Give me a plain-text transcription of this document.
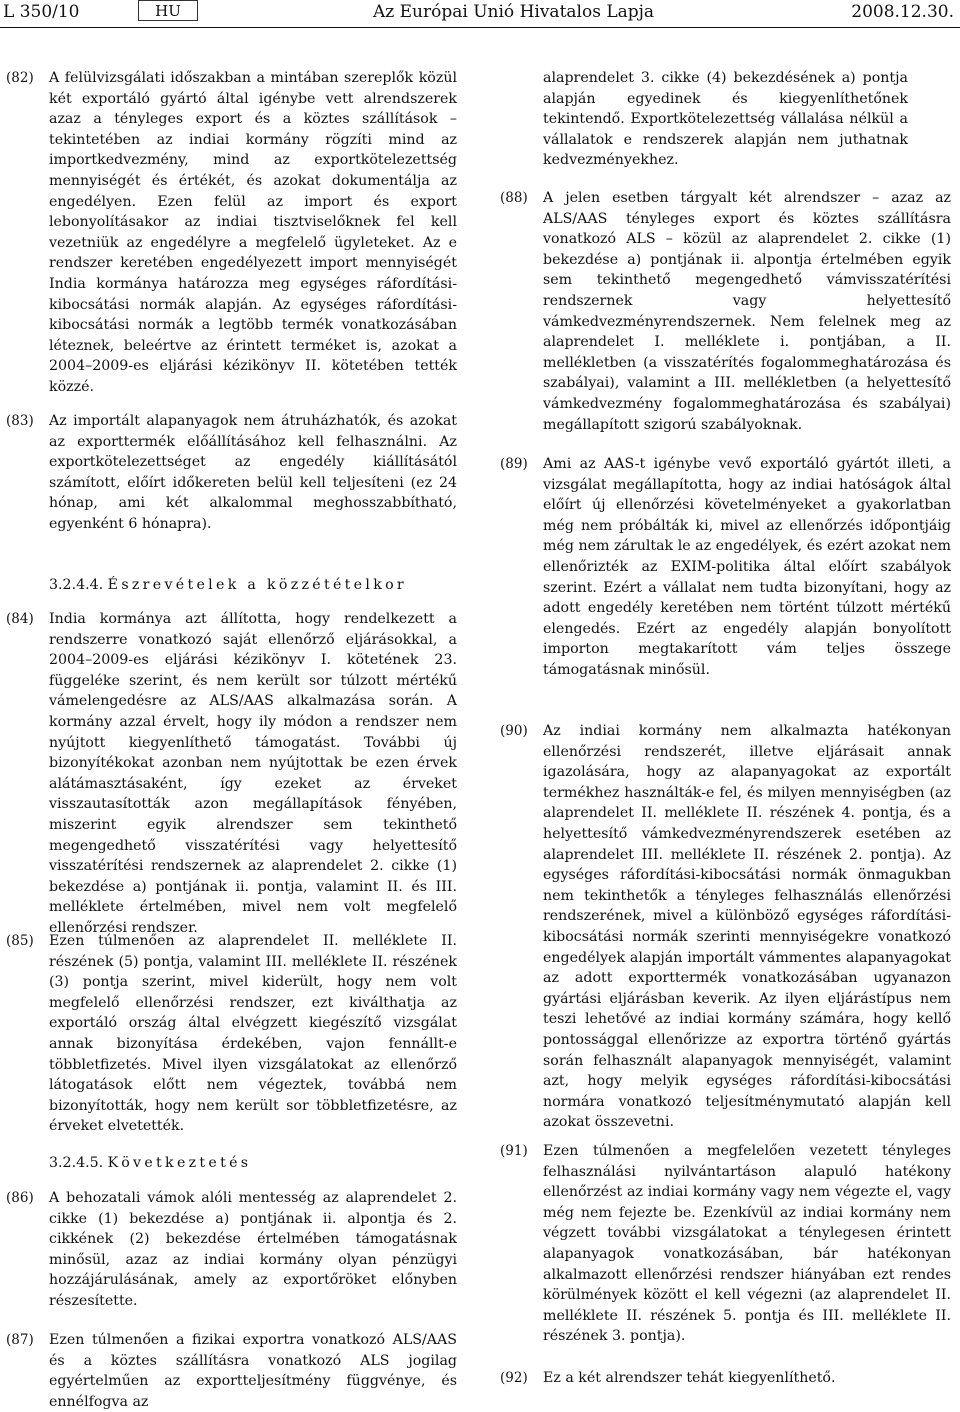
L 350/10	HU	Az Európai Unió Hivatalos Lapja	2008.12.30.
(82) A felülvizsgálati időszakban a mintában szereplők közül két exportáló gyártó által igénybe vett alrendszerek azaz a tényleges export és a köztes szállítások – tekintetében az indiai kormány rögzíti mind az importkedvezmény, mind az exportkötelezettség mennyiségét és értékét, és azokat dokumentálja az engedélyen. Ezen felül az import és export lebonyolításakor az indiai tisztviselőknek fel kell vezetniük az engedélyre a megfelelő ügyleteket. Az e rendszer keretében engedélyezett import mennyiségét India kormánya határozza meg egységes ráfordítási-kibocsátási normák alapján. Az egységes ráfordítási-kibocsátási normák a legtöbb termék vonatkozásában léteznek, beleértve az érintett terméket is, azokat a 2004–2009-es eljárási kézikönyv II. kötetében tették közzé.
(83) Az importált alapanyagok nem átruházhatók, és azokat az exporttermék előállításához kell felhasználni. Az exportkötelezettséget az engedély kiállításától számított, előírt időkereten belül kell teljesíteni (ez 24 hónap, ami két alkalommal meghosszabbítható, egyenként 6 hónapra).
3.2.4.4. Észrevételek a közzétételkor
(84) India kormánya azt állította, hogy rendelkezett a rendszerre vonatkozó saját ellenőrző eljárásokkal, a 2004–2009-es eljárási kézikönyv I. kötetének 23. függeléke szerint, és nem került sor túlzott mértékű vámelengedésre az ALS/AAS alkalmazása során. A kormány azzal érvelt, hogy ily módon a rendszer nem nyújtott kiegyenlíthető támogatást. További új bizonyítékokat azonban nem nyújtottak be ezen érvek alátámasztásaként, így ezeket az érveket visszautasították azon megállapítások fényében, miszerint egyik alrendszer sem tekinthető megengedhető visszatérítési vagy helyettesítő visszatérítési rendszernek az alaprendelet 2. cikke (1) bekezdése a) pontjának ii. pontja, valamint II. és III. melléklete értelmében, mivel nem volt megfelelő ellenőrzési rendszer.
(85) Ezen túlmenően az alaprendelet II. melléklete II. részének (5) pontja, valamint III. melléklete II. részének (3) pontja szerint, mivel kiderült, hogy nem volt megfelelő ellenőrzési rendszer, ezt kiválthatja az exportáló ország által elvégzett kiegészítő vizsgálat annak bizonyítása érdekében, vajon fennállt-e többletfizetés. Mivel ilyen vizsgálatokat az ellenőrző látogatások előtt nem végeztek, továbbá nem bizonyították, hogy nem került sor többletfizetésre, az érveket elvetették.
3.2.4.5. Következtetés
(86) A behozatali vámok alóli mentesség az alaprendelet 2. cikke (1) bekezdése a) pontjának ii. alpontja és 2. cikkének (2) bekezdése értelmében támogatásnak minősül, azaz az indiai kormány olyan pénzügyi hozzájárulásának, amely az exportőröket előnyben részesítette.
(87) Ezen túlmenően a fizikai exportra vonatkozó ALS/AAS és a köztes szállításra vonatkozó ALS jogilag egyértelműen az exportteljesítmény függvénye, és ennélfogva az
alaprendelet 3. cikke (4) bekezdésének a) pontja alapján egyedinek és kiegyenlíthetőnek tekintendő. Exportkötelezettség vállalása nélkül a vállalatok e rendszerek alapján nem juthatnak kedvezményekhez.
(88) A jelen esetben tárgyalt két alrendszer – azaz az ALS/AAS tényleges export és köztes szállításra vonatkozó ALS – közül az alaprendelet 2. cikke (1) bekezdése a) pontjának ii. alpontja értelmében egyik sem tekinthető megengedhető vámvisszatérítési rendszernek vagy helyettesítő vámkedvezményrendszernek. Nem felelnek meg az alaprendelet I. melléklete i. pontjában, a II. mellékletben (a visszatérítés fogalommeghatározása és szabályai), valamint a III. mellékletben (a helyettesítő vámkedvezmény fogalommeghatározása és szabályai) megállapított szigorú szabályoknak.
(89) Ami az AAS-t igénybe vevő exportáló gyártót illeti, a vizsgálat megállapította, hogy az indiai hatóságok által előírt új ellenőrzési követelményeket a gyakorlatban még nem próbálták ki, mivel az ellenőrzés időpontjáig még nem zárultak le az engedélyek, és ezért azokat nem ellenőrizték az EXIM-politika által előírt szabályok szerint. Ezért a vállalat nem tudta bizonyítani, hogy az adott engedély keretében nem történt túlzott mértékű elengedés. Ezért az engedély alapján bonyolított importon megtakarított vám teljes összege támogatásnak minősül.
(90) Az indiai kormány nem alkalmazta hatékonyan ellenőrzési rendszerét, illetve eljárásait annak igazolására, hogy az alapanyagokat az exportált termékhez használták-e fel, és milyen mennyiségben (az alaprendelet II. melléklete II. részének 4. pontja, és a helyettesítő vámkedvezményrendszerek esetében az alaprendelet III. melléklete II. részének 2. pontja). Az egységes ráfordítási-kibocsátási normák önmagukban nem tekinthetők a tényleges felhasználás ellenőrzési rendszerének, mivel a különböző egységes ráfordítási-kibocsátási normák szerinti mennyiségekre vonatkozó engedélyek alapján importált vámmentes alapanyagokat az adott exporttermék vonatkozásában ugyanazon gyártási eljárásban keverik. Az ilyen eljárástípus nem teszi lehetővé az indiai kormány számára, hogy kellő pontossággal ellenőrizze az exportra történő gyártás során felhasznált alapanyagok mennyiségét, valamint azt, hogy melyik egységes ráfordítási-kibocsátási normára vonatkozó teljesítménymutató alapján kell azokat összevetni.
(91) Ezen túlmenően a megfelelően vezetett tényleges felhasználási nyilvántartáson alapuló hatékony ellenőrzést az indiai kormány vagy nem végezte el, vagy még nem fejezte be. Ezenkívül az indiai kormány nem végzett további vizsgálatokat a ténylegesen érintett alapanyagok vonatkozásában, bár hatékonyan alkalmazott ellenőrzési rendszer hiányában ezt rendes körülmények között el kell végezni (az alaprendelet II. melléklete II. részének 5. pontja és III. melléklete II. részének 3. pontja).
(92) Ez a két alrendszer tehát kiegyenlíthető.
